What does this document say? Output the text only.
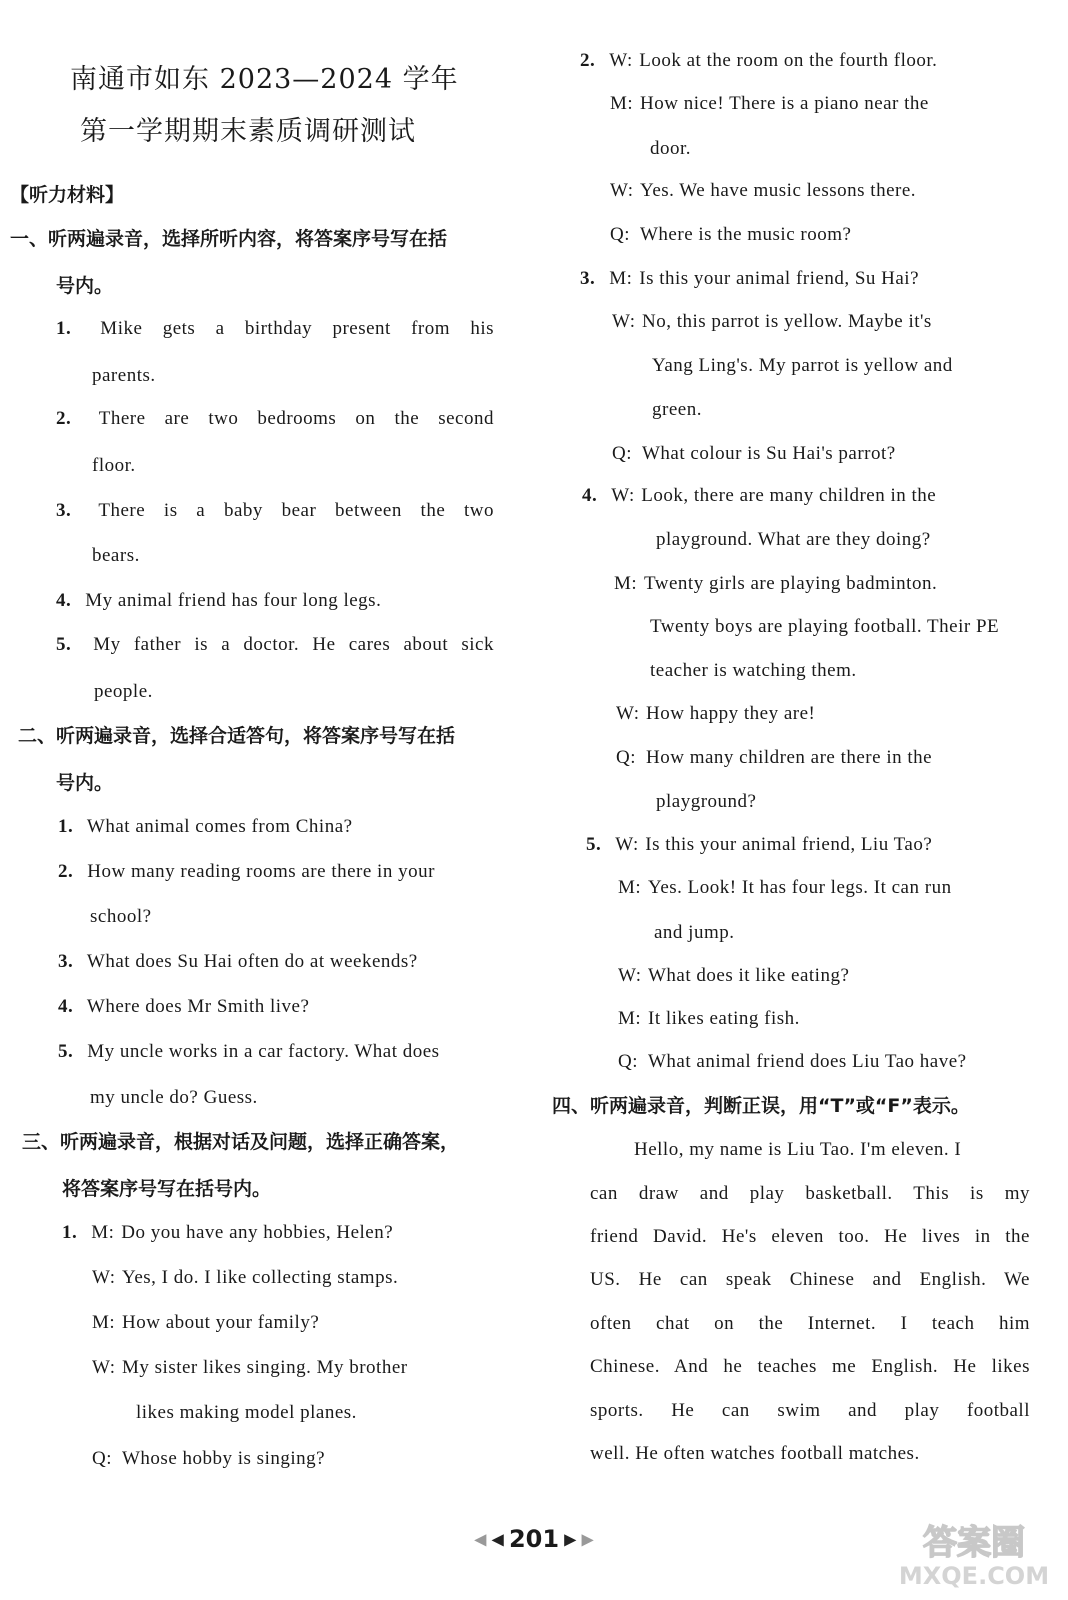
南通市如东 2023—2024 学年
第一学期期末素质调研测试
【听力材料】
一、听两遍录音，选择所听内容，将答案序号写在括
号内。
1. Mike gets a birthday present from his
parents.
2. There are two bedrooms on the second
floor.
3. There is a baby bear between the two
bears.
4. My animal friend has four long legs.
5. My father is a doctor. He cares about sick
people.
二、听两遍录音，选择合适答句，将答案序号写在括
号内。
1. What animal comes from China?
2. How many reading rooms are there in your
school?
3. What does Su Hai often do at weekends?
4. Where does Mr Smith live?
5. My uncle works in a car factory. What does
my uncle do? Guess.
三、听两遍录音，根据对话及问题，选择正确答案，
将答案序号写在括号内。
1. M: Do you have any hobbies, Helen?
W: Yes, I do. I like collecting stamps.
M: How about your family?
W: My sister likes singing. My brother
likes making model planes.
Q: Whose hobby is singing?
2. W: Look at the room on the fourth floor.
M: How nice! There is a piano near the
door.
W: Yes. We have music lessons there.
Q: Where is the music room?
3. M: Is this your animal friend, Su Hai?
W: No, this parrot is yellow. Maybe it's
Yang Ling's. My parrot is yellow and
green.
Q: What colour is Su Hai's parrot?
4. W: Look, there are many children in the
playground. What are they doing?
M: Twenty girls are playing badminton.
Twenty boys are playing football. Their PE
teacher is watching them.
W: How happy they are!
Q: How many children are there in the
playground?
5. W: Is this your animal friend, Liu Tao?
M: Yes. Look! It has four legs. It can run
and jump.
W: What does it like eating?
M: It likes eating fish.
Q: What animal friend does Liu Tao have?
四、听两遍录音，判断正误，用“T”或“F”表示。
Hello, my name is Liu Tao. I'm eleven. I
can draw and play basketball. This is my
friend David. He's eleven too. He lives in the
US. He can speak Chinese and English. We
often chat on the Internet. I teach him
Chinese. And he teaches me English. He likes
sports. He can swim and play football
well. He often watches football matches.
◀ ◀ 201 ▶ ▶	答案圈
MXQE.COM
